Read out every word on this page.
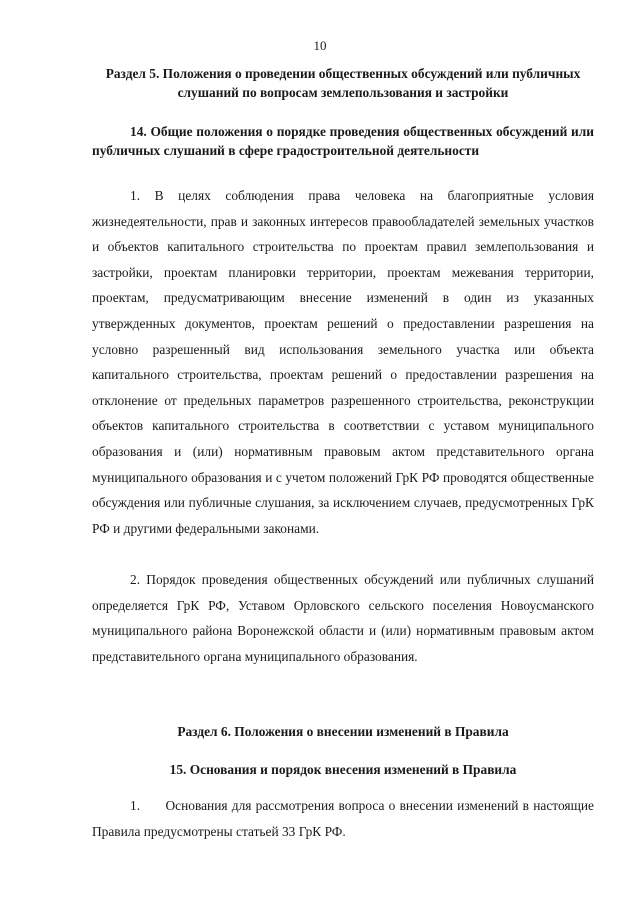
10
Раздел 5. Положения о проведении общественных обсуждений или публичных слушаний по вопросам землепользования и застройки
14. Общие положения о порядке проведения общественных обсуждений или публичных слушаний в сфере градостроительной деятельности
1. В целях соблюдения права человека на благоприятные условия жизнедеятельности, прав и законных интересов правообладателей земельных участков и объектов капитального строительства по проектам правил землепользования и застройки, проектам планировки территории, проектам межевания территории, проектам, предусматривающим внесение изменений в один из указанных утвержденных документов, проектам решений о предоставлении разрешения на условно разрешенный вид использования земельного участка или объекта капитального строительства, проектам решений о предоставлении разрешения на отклонение от предельных параметров разрешенного строительства, реконструкции объектов капитального строительства в соответствии с уставом муниципального образования и (или) нормативным правовым актом представительного органа муниципального образования и с учетом положений ГрК РФ проводятся общественные обсуждения или публичные слушания, за исключением случаев, предусмотренных ГрК РФ и другими федеральными законами.
2. Порядок проведения общественных обсуждений или публичных слушаний определяется ГрК РФ, Уставом Орловского сельского поселения Новоусманского муниципального района Воронежской области и (или) нормативным правовым актом представительного органа муниципального образования.
Раздел 6. Положения о внесении изменений в Правила
15. Основания и порядок внесения изменений в Правила
1.      Основания для рассмотрения вопроса о внесении изменений в настоящие Правила предусмотрены статьей 33 ГрК РФ.
